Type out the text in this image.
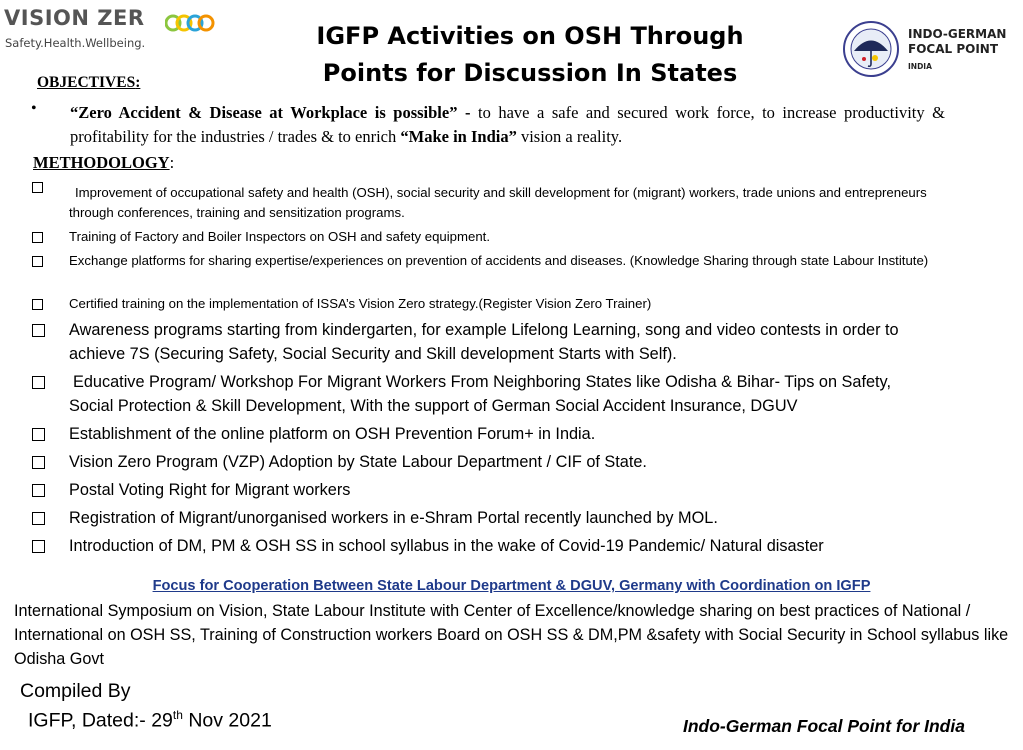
VISION ZER
Safety.Health.Wellbeing.	IGFP Activities on OSH Through
Points for Discussion In States
INDO-GERMAN
FOCAL POINT
INDIA
OBJECTIVES:
• “Zero Accident & Disease at Workplace is possible” - to have a safe and secured work force, to increase productivity & profitability for the industries / trades & to enrich “Make in India” vision a reality.
METHODOLOGY:
Improvement of occupational safety and health (OSH), social security and skill development for (migrant) workers, trade unions and entrepreneurs through conferences, training and sensitization programs.
Training of Factory and Boiler Inspectors on OSH and safety equipment.
Exchange platforms for sharing expertise/experiences on prevention of accidents and diseases. (Knowledge Sharing through state Labour Institute)
Certified training on the implementation of ISSA’s Vision Zero strategy.(Register Vision Zero Trainer)
Awareness programs starting from kindergarten, for example Lifelong Learning, song and video contests in order to achieve 7S (Securing Safety, Social Security and Skill development Starts with Self).
Educative Program/ Workshop For Migrant Workers From Neighboring States like Odisha & Bihar- Tips on Safety, Social Protection & Skill Development, With the support of German Social Accident Insurance, DGUV
Establishment of the online platform on OSH Prevention Forum+ in India.
Vision Zero Program (VZP) Adoption by State Labour Department / CIF of State.
Postal Voting Right for Migrant workers
Registration of Migrant/unorganised workers in e-Shram Portal recently launched by MOL.
Introduction of DM, PM & OSH SS in school syllabus in the wake of Covid-19 Pandemic/ Natural disaster
Focus for Cooperation Between State Labour Department & DGUV, Germany with Coordination on IGFP
International Symposium on Vision, State Labour Institute with Center of Excellence/knowledge sharing on best practices of National / International on OSH SS, Training of Construction workers Board on OSH SS & DM,PM &safety with Social Security in School syllabus like Odisha Govt
Compiled By
IGFP, Dated:- 29th Nov 2021	Indo-German Focal Point for India
